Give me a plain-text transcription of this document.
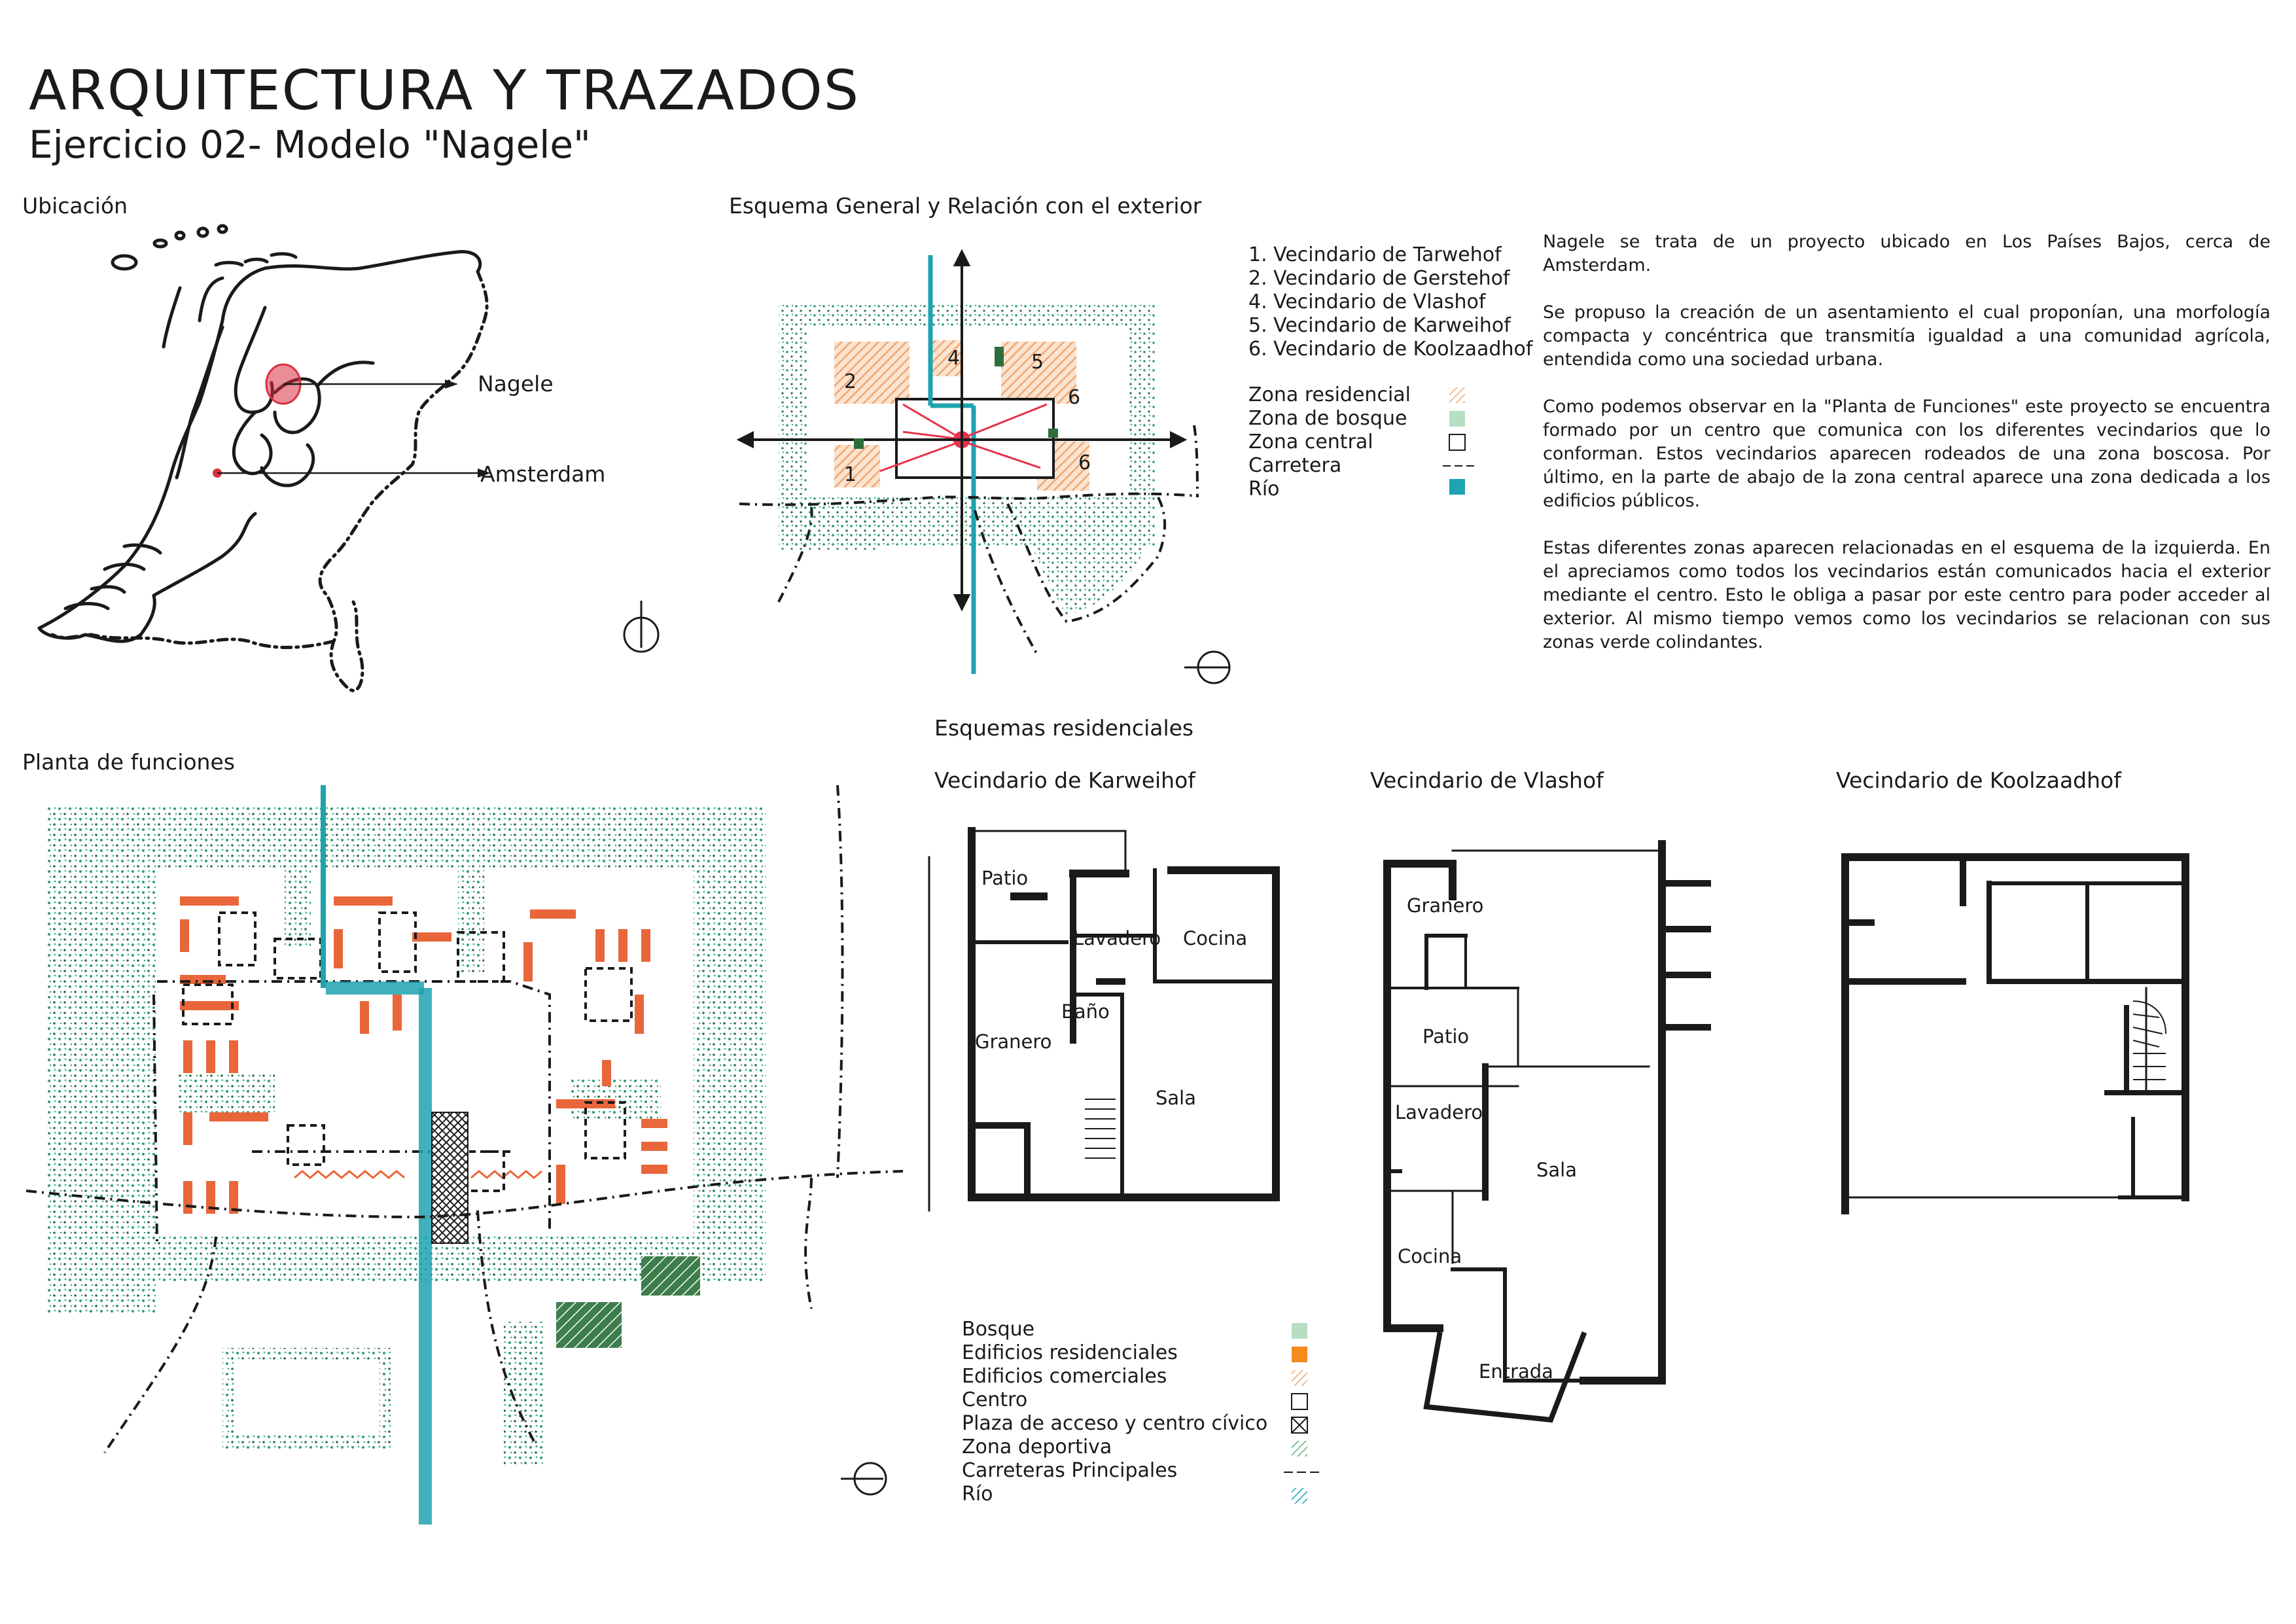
ARQUITECTURA Y TRAZADOS
Ejercicio 02- Modelo "Nagele"
Ubicación	Esquema General y Relación con el exterior
Planta de funciones
Esquemas residenciales
Nagele
Amsterdam
2
4	5
6
1
6
1. Vecindario de Tarwehof
2. Vecindario de Gerstehof
4. Vecindario de Vlashof
5. Vecindario de Karweihof
6. Vecindario de Koolzaadhof
Zona residencial
Zona de bosque
Zona central
Carretera
Río

Nagele se trata de un proyecto ubicado en Los Países Bajos, cerca de Amsterdam.

Se propuso la creación de un asentamiento el cual proponían, una morfología compacta y concéntrica que transmitía igualdad a una comunidad agrícola, entendida como una sociedad urbana.

Como podemos observar en la "Planta de Funciones" este proyecto se encuentra formado por un centro que comunica con los diferentes vecindarios que lo conforman. Estos vecindarios aparecen rodeados de una zona boscosa. Por último, en la parte de abajo de la zona central aparece una zona dedicada a los edificios públicos.

Estas diferentes zonas aparecen relacionadas en el esquema de la izquierda. En el apreciamos como todos los vecindarios están comunicados hacia el exterior mediante el centro. Esto le obliga a pasar por este centro para poder acceder al exterior. Al mismo tiempo vemos como los vecindarios se relacionan con sus zonas verde colindantes.

Bosque
Edificios residenciales
Edificios comerciales
Centro
Plaza de acceso y centro cívico
Zona deportiva
Carreteras Principales
Río
Vecindario de Karweihof	Vecindario de Vlashof	Vecindario de Koolzaadhof
Patio
Lavadero Cocina
Baño
Granero
Sala
Granero
Patio
Lavadero
Sala
Cocina
Entrada
